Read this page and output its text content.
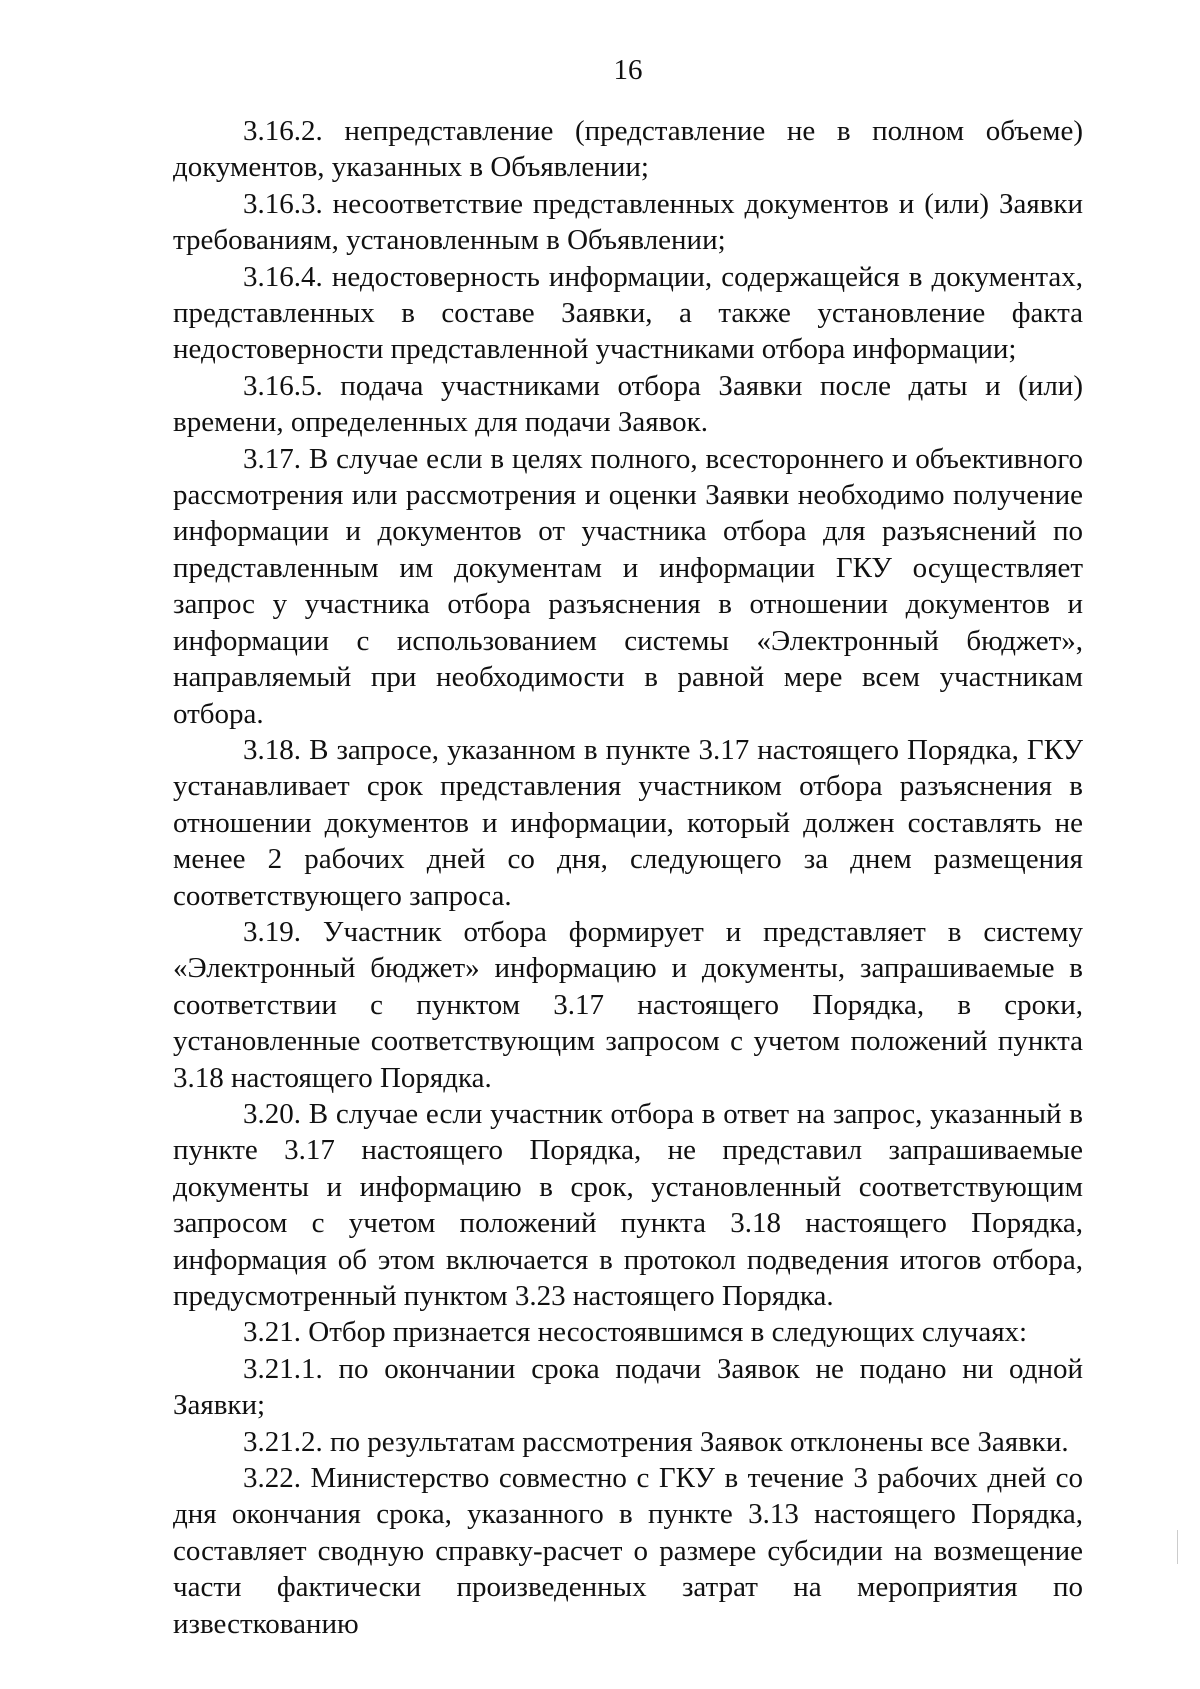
16

3.16.2. непредставление (представление не в полном объеме) документов, указанных в Объявлении;

3.16.3. несоответствие представленных документов и (или) Заявки требованиям, установленным в Объявлении;

3.16.4. недостоверность информации, содержащейся в документах, представленных в составе Заявки, а также установление факта недостоверности представленной участниками отбора информации;

3.16.5. подача участниками отбора Заявки после даты и (или) времени, определенных для подачи Заявок.

3.17. В случае если в целях полного, всестороннего и объективного рассмотрения или рассмотрения и оценки Заявки необходимо получение информации и документов от участника отбора для разъяснений по представленным им документам и информации ГКУ осуществляет запрос у участника отбора разъяснения в отношении документов и информации с использованием системы «Электронный бюджет», направляемый при необходимости в равной мере всем участникам отбора.

3.18. В запросе, указанном в пункте 3.17 настоящего Порядка, ГКУ устанавливает срок представления участником отбора разъяснения в отношении документов и информации, который должен составлять не менее 2 рабочих дней со дня, следующего за днем размещения соответствующего запроса.

3.19. Участник отбора формирует и представляет в систему «Электронный бюджет» информацию и документы, запрашиваемые в соответствии с пунктом 3.17 настоящего Порядка, в сроки, установленные соответствующим запросом с учетом положений пункта 3.18 настоящего Порядка.

3.20. В случае если участник отбора в ответ на запрос, указанный в пункте 3.17 настоящего Порядка, не представил запрашиваемые документы и информацию в срок, установленный соответствующим запросом с учетом положений пункта 3.18 настоящего Порядка, информация об этом включается в протокол подведения итогов отбора, предусмотренный пунктом 3.23 настоящего Порядка.

3.21. Отбор признается несостоявшимся в следующих случаях:

3.21.1. по окончании срока подачи Заявок не подано ни одной Заявки;

3.21.2. по результатам рассмотрения Заявок отклонены все Заявки.

3.22. Министерство совместно с ГКУ в течение 3 рабочих дней со дня окончания срока, указанного в пункте 3.13 настоящего Порядка, составляет сводную справку-расчет о размере субсидии на возмещение части фактически произведенных затрат на мероприятия по известкованию
